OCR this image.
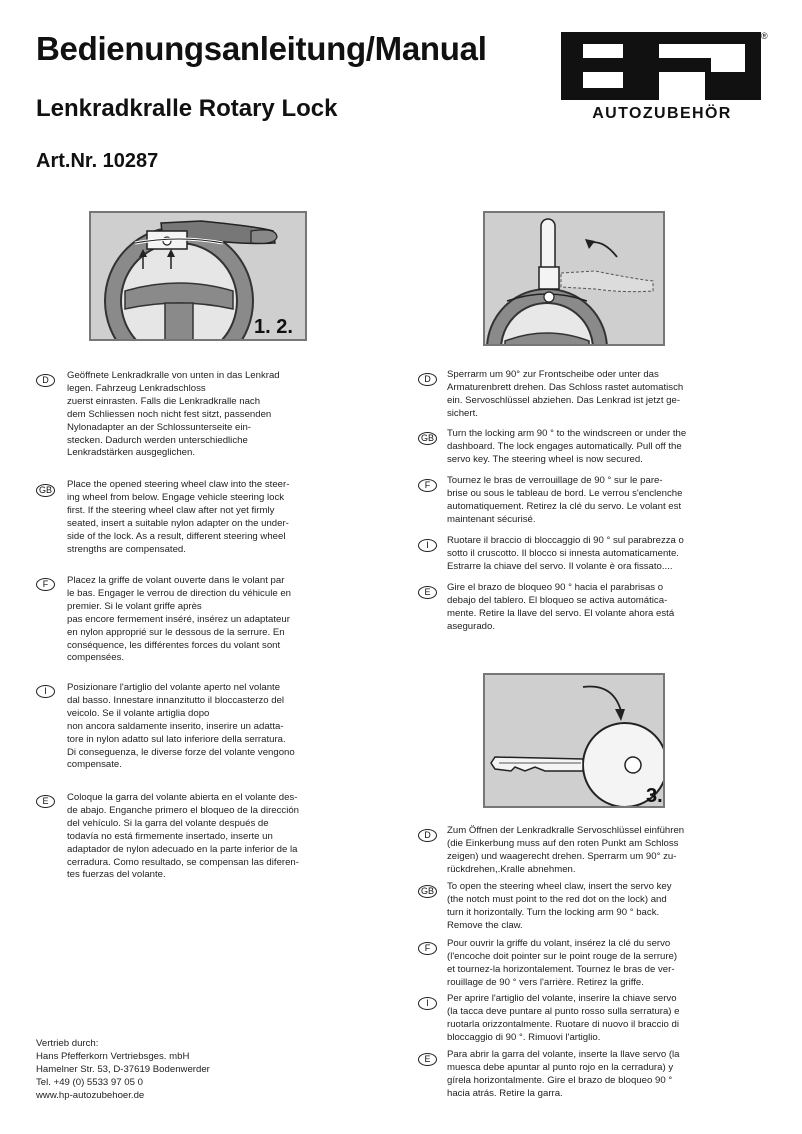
Bedienungsanleitung/Manual
Lenkradkralle Rotary Lock
Art.Nr. 10287
®
AUTOZUBEHÖR
1. 2.
3.
D	Geöffnete Lenkradkralle von unten in das Lenkrad
legen. Fahrzeug Lenkradschloss
zuerst einrasten. Falls die Lenkradkralle nach
dem Schliessen noch nicht fest sitzt, passenden
Nylonadapter an der Schlossunterseite ein-
stecken. Dadurch werden unterschiedliche
Lenkradstärken ausgeglichen.
GB	Place the opened steering wheel claw into the steer-
ing wheel from below. Engage vehicle steering lock
first. If the steering wheel claw after not yet firmly
seated, insert a suitable nylon adapter on the under-
side of the lock. As a result, different steering wheel
strengths are compensated.
F	Placez la griffe de volant ouverte dans le volant par
le bas. Engager le verrou de direction du véhicule en
premier. Si le volant griffe après
pas encore fermement inséré, insérez un adaptateur
en nylon approprié sur le dessous de la serrure. En
conséquence, les différentes forces du volant sont
compensées.
I	Posizionare l'artiglio del volante aperto nel volante
dal basso. Innestare innanzitutto il bloccasterzo del
veicolo. Se il volante artiglia dopo
non ancora saldamente inserito, inserire un adatta-
tore in nylon adatto sul lato inferiore della serratura.
Di conseguenza, le diverse forze del volante vengono
compensate.
E	Coloque la garra del volante abierta en el volante des-
de abajo. Enganche primero el bloqueo de la dirección
del vehículo. Si la garra del volante después de
todavía no está firmemente insertado, inserte un
adaptador de nylon adecuado en la parte inferior de la
cerradura. Como resultado, se compensan las diferen-
tes fuerzas del volante.
D	Sperrarm um 90° zur Frontscheibe oder unter das
Armaturenbrett drehen. Das Schloss rastet automatisch
ein. Servoschlüssel abziehen. Das Lenkrad ist jetzt ge-
sichert.
GB	Turn the locking arm 90 ° to the windscreen or under the
dashboard. The lock engages automatically. Pull off the
servo key. The steering wheel is now secured.
F	Tournez le bras de verrouillage de 90 ° sur le pare-
brise ou sous le tableau de bord. Le verrou s'enclenche
automatiquement. Retirez la clé du servo. Le volant est
maintenant sécurisé.
I	Ruotare il braccio di bloccaggio di 90 ° sul parabrezza o
sotto il cruscotto. Il blocco si innesta automaticamente.
Estrarre la chiave del servo. Il volante è ora fissato....
E	Gire el brazo de bloqueo 90 ° hacia el parabrisas o
debajo del tablero. El bloqueo se activa automática-
mente. Retire la llave del servo. El volante ahora está
asegurado.
D	Zum Öffnen der Lenkradkralle Servoschlüssel einführen
(die Einkerbung muss auf den roten Punkt am Schloss
zeigen) und waagerecht drehen. Sperrarm um 90° zu-
rückdrehen,.Kralle abnehmen.
GB	To open the steering wheel claw, insert the servo key
(the notch must point to the red dot on the lock) and
turn it horizontally. Turn the locking arm 90 ° back.
Remove the claw.
F	Pour ouvrir la griffe du volant, insérez la clé du servo
(l'encoche doit pointer sur le point rouge de la serrure)
et tournez-la horizontalement. Tournez le bras de ver-
rouillage de 90 ° vers l'arrière. Retirez la griffe.
I	Per aprire l'artiglio del volante, inserire la chiave servo
(la tacca deve puntare al punto rosso sulla serratura) e
ruotarla orizzontalmente. Ruotare di nuovo il braccio di
bloccaggio di 90 °. Rimuovi l'artiglio.
E	Para abrir la garra del volante, inserte la llave servo (la
muesca debe apuntar al punto rojo en la cerradura) y
gírela horizontalmente. Gire el brazo de bloqueo 90 °
hacia atrás. Retire la garra.
Vertrieb durch:
Hans Pfefferkorn Vertriebsges. mbH
Hamelner Str. 53, D-37619 Bodenwerder
Tel. +49 (0) 5533 97 05 0
www.hp-autozubehoer.de
